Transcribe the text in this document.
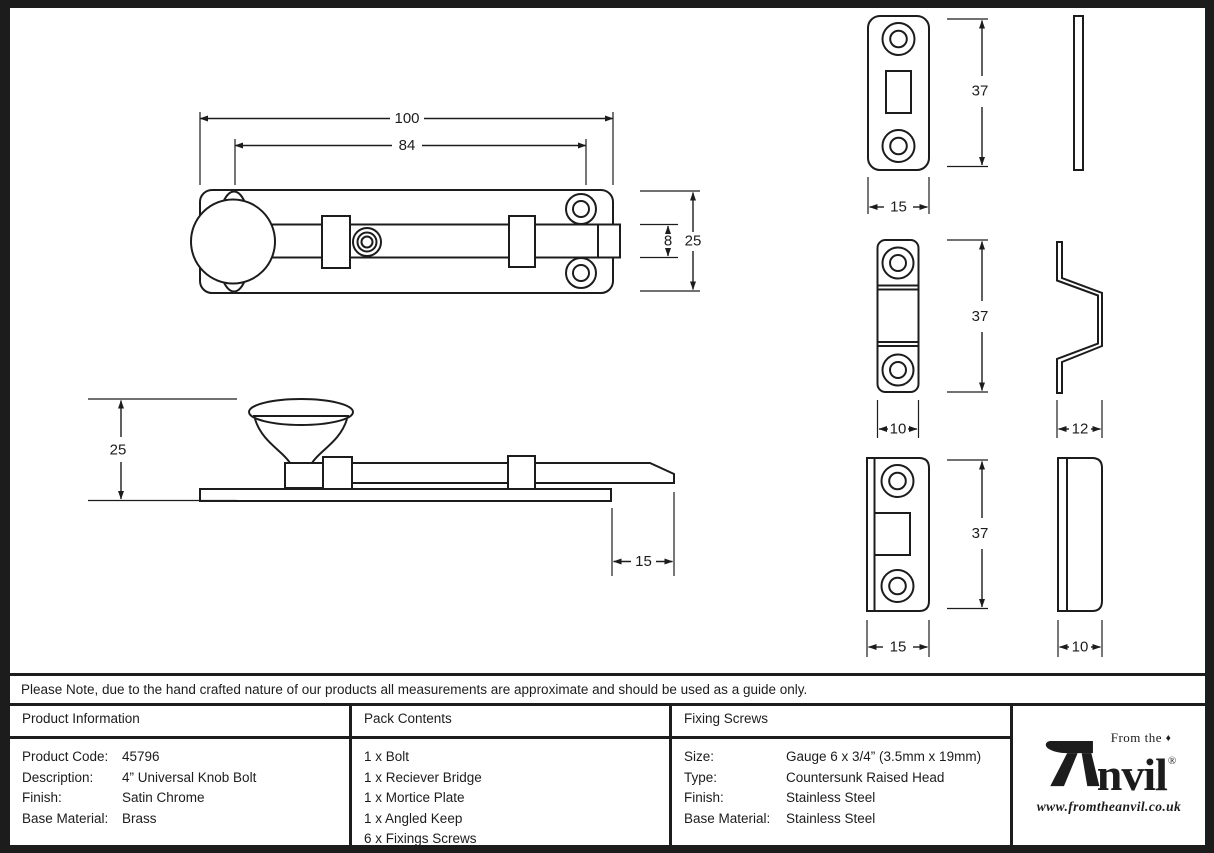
100
84
8 25
25
15
37
15
37
10	12
37
15	10
Please Note, due to the hand crafted nature of our products all measurements are approximate and should be used as a guide only.
Product Information
Product Code:	45796
Description:	4” Universal Knob Bolt
Finish:	Satin Chrome
Base Material:	Brass
Pack Contents
1 x Bolt
1 x Reciever Bridge
1 x Mortice Plate
1 x Angled Keep
6 x Fixings Screws
Fixing Screws
Size:	Gauge 6 x 3/4” (3.5mm x 19mm)
Type:	Countersunk Raised Head
Finish:	Stainless Steel
Base Material:	Stainless Steel
From the ♦
nvil®
www.fromtheanvil.co.uk
